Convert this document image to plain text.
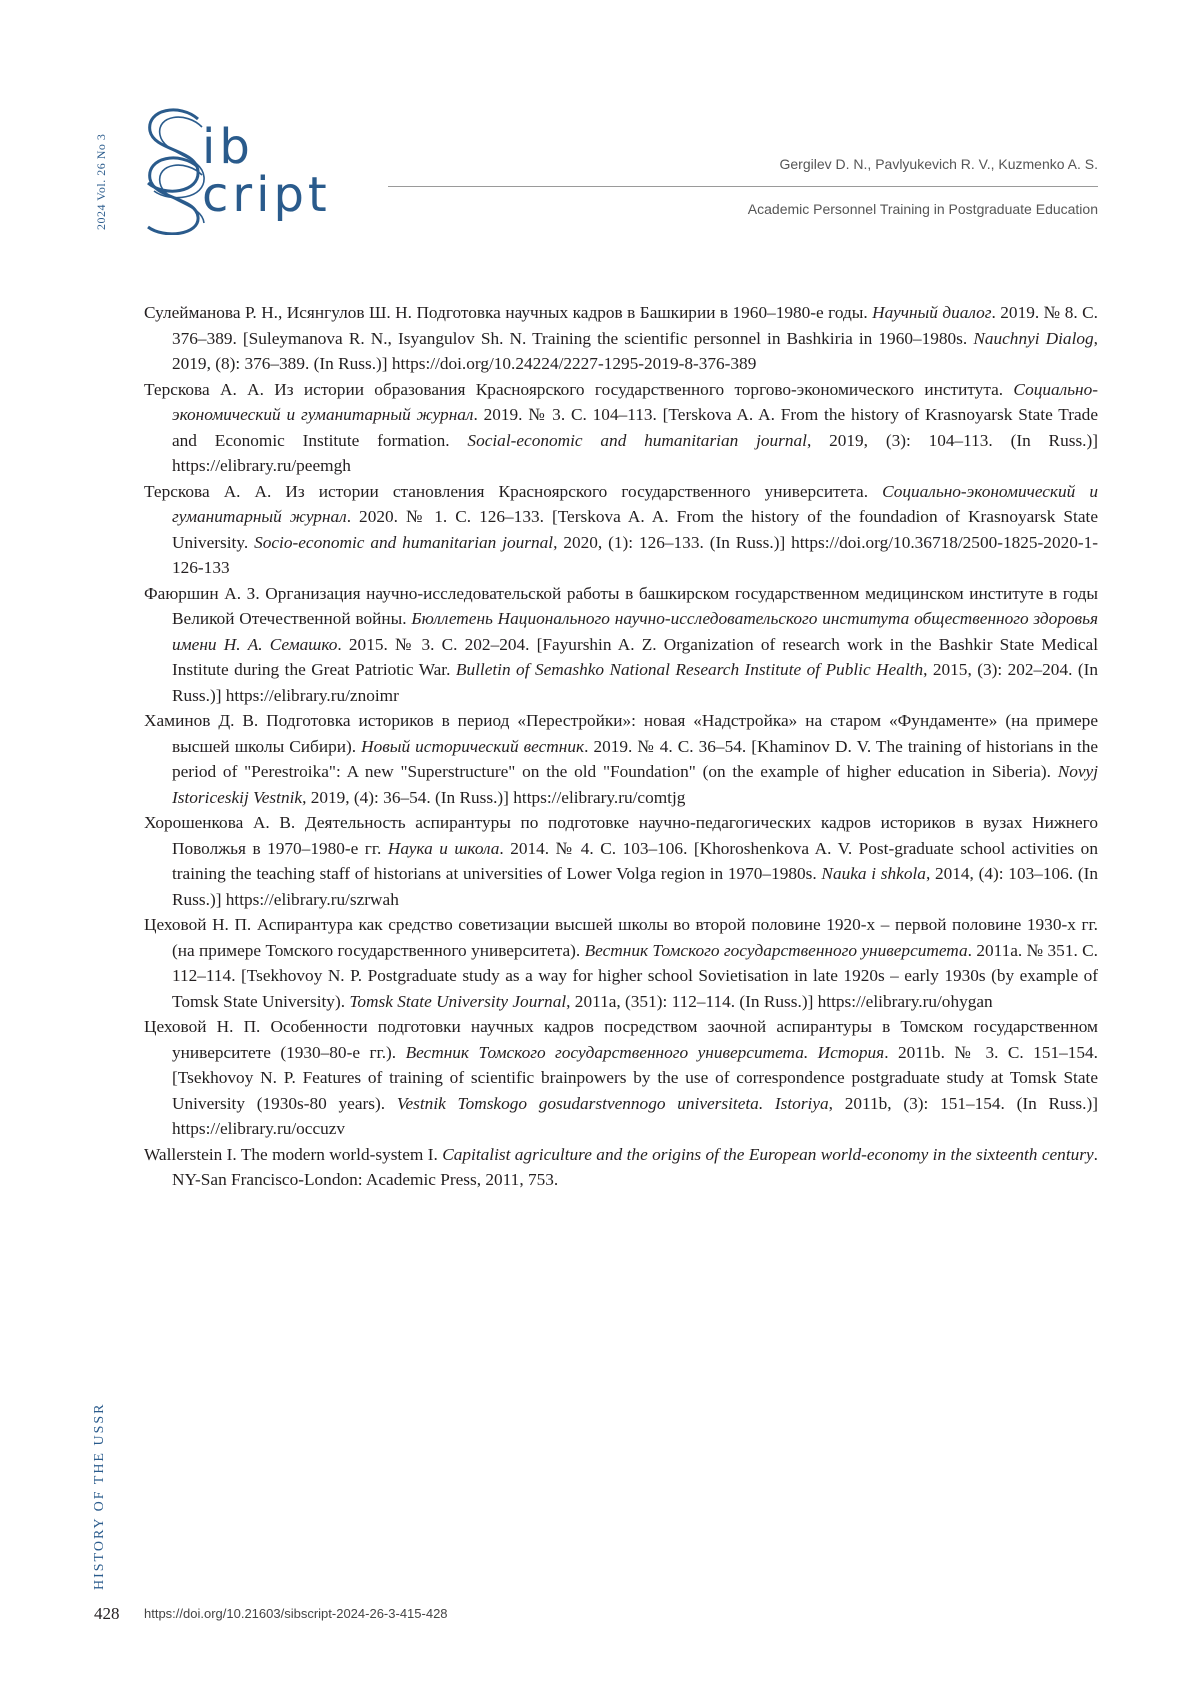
2024 Vol. 26 No 3 ib
cript
Gergilev D. N., Pavlyukevich R. V., Kuzmenko A. S.
Academic Personnel Training in Postgraduate Education

Сулейманова Р. Н., Исянгулов Ш. Н. Подготовка научных кадров в Башкирии в 1960–1980-е годы. Научный диалог. 2019. № 8. С. 376–389. [Suleymanova R. N., Isyangulov Sh. N. Training the scientific personnel in Bashkiria in 1960–1980s. Nauchnyi Dialog, 2019, (8): 376–389. (In Russ.)] https://doi.org/10.24224/2227-1295-2019-8-376-389

Терскова А. А. Из истории образования Красноярского государственного торгово-экономического института. Социально-экономический и гуманитарный журнал. 2019. № 3. С. 104–113. [Terskova A. A. From the history of Krasnoyarsk State Trade and Economic Institute formation. Social-economic and humanitarian journal, 2019, (3): 104–113. (In Russ.)] https://elibrary.ru/peemgh

Терскова А. А. Из истории становления Красноярского государственного университета. Социально-экономический и гуманитарный журнал. 2020. № 1. С. 126–133. [Terskova A. A. From the history of the foundadion of Krasnoyarsk State University. Socio-economic and humanitarian journal, 2020, (1): 126–133. (In Russ.)] https://doi.org/10.36718/2500-1825-2020-1-126-133

Фаюршин А. З. Организация научно-исследовательской работы в башкирском государственном медицинском институте в годы Великой Отечественной войны. Бюллетень Национального научно-исследовательского института общественного здоровья имени Н. А. Семашко. 2015. № 3. С. 202–204. [Fayurshin A. Z. Organization of research work in the Bashkir State Medical Institute during the Great Patriotic War. Bulletin of Semashko National Research Institute of Public Health, 2015, (3): 202–204. (In Russ.)] https://elibrary.ru/znoimr

Хаминов Д. В. Подготовка историков в период «Перестройки»: новая «Надстройка» на старом «Фундаменте» (на примере высшей школы Сибири). Новый исторический вестник. 2019. № 4. С. 36–54. [Khaminov D. V. The training of historians in the period of "Perestroika": A new "Superstructure" on the old "Foundation" (on the example of higher education in Siberia). Novyj Istoriceskij Vestnik, 2019, (4): 36–54. (In Russ.)] https://elibrary.ru/comtjg

Хорошенкова А. В. Деятельность аспирантуры по подготовке научно-педагогических кадров историков в вузах Нижнего Поволжья в 1970–1980-е гг. Наука и школа. 2014. № 4. С. 103–106. [Khoroshenkova A. V. Post-graduate school activities on training the teaching staff of historians at universities of Lower Volga region in 1970–1980s. Nauka i shkola, 2014, (4): 103–106. (In Russ.)] https://elibrary.ru/szrwah

Цеховой Н. П. Аспирантура как средство советизации высшей школы во второй половине 1920-х – первой половине 1930-х гг. (на примере Томского государственного университета). Вестник Томского государственного университета. 2011a. № 351. С. 112–114. [Tsekhovoy N. P. Postgraduate study as a way for higher school Sovietisation in late 1920s – early 1930s (by example of Tomsk State University). Tomsk State University Journal, 2011a, (351): 112–114. (In Russ.)] https://elibrary.ru/ohygan

Цеховой Н. П. Особенности подготовки научных кадров посредством заочной аспирантуры в Томском государственном университете (1930–80-е гг.). Вестник Томского государственного университета. История. 2011b. № 3. С. 151–154. [Tsekhovoy N. P. Features of training of scientific brainpowers by the use of correspondence postgraduate study at Tomsk State University (1930s-80 years). Vestnik Tomskogo gosudarstvennogo universiteta. Istoriya, 2011b, (3): 151–154. (In Russ.)] https://elibrary.ru/occuzv

Wallerstein I. The modern world-system I. Capitalist agriculture and the origins of the European world-economy in the sixteenth century. NY-San Francisco-London: Academic Press, 2011, 753.

HISTORY OF THE USSR
428 https://doi.org/10.21603/sibscript-2024-26-3-415-428
